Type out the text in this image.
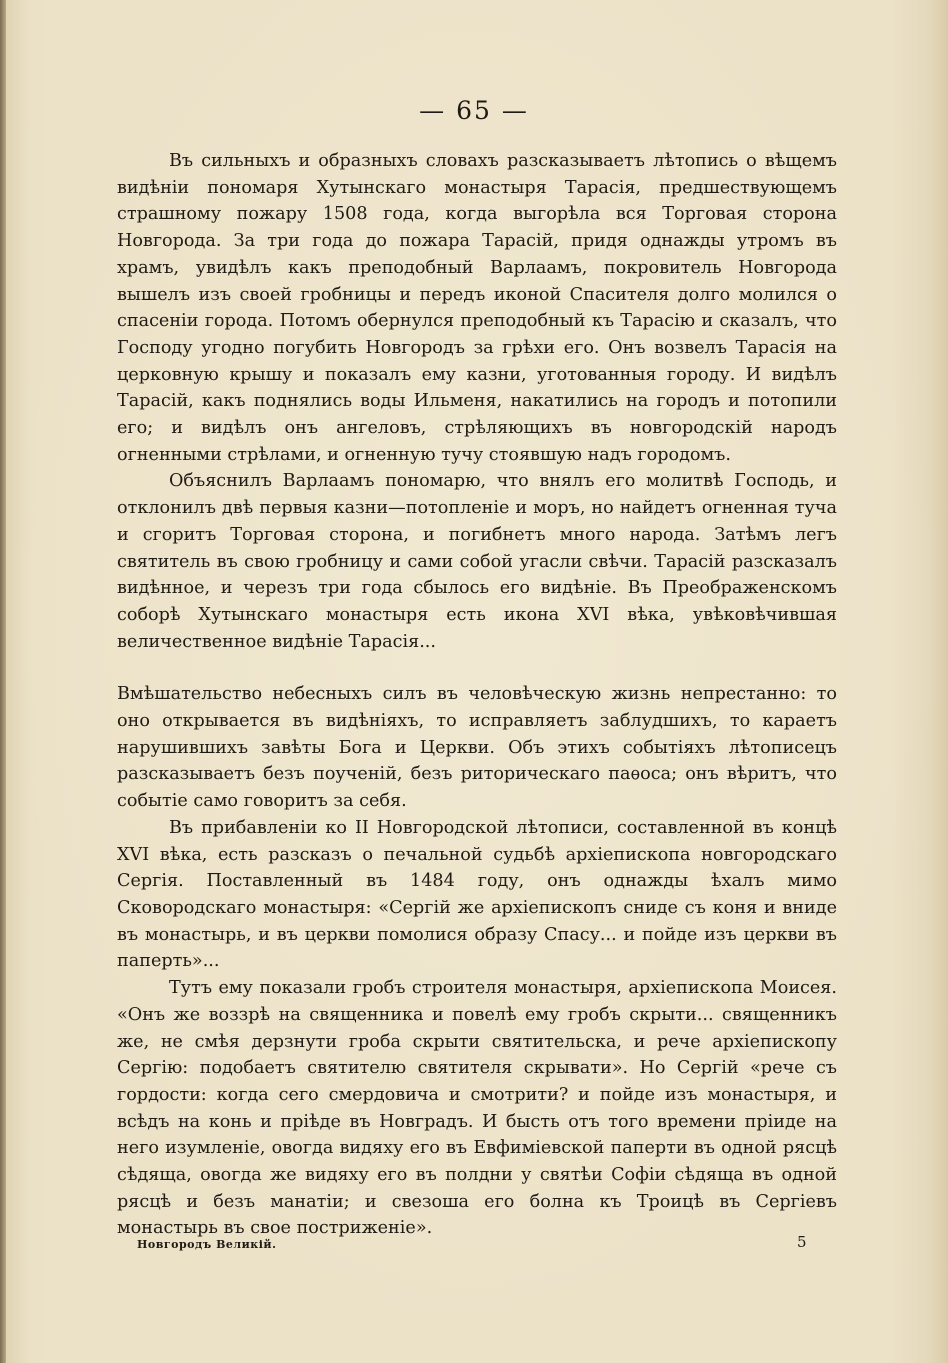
— 65 —

Въ сильныхъ и образныхъ словахъ разсказываетъ лѣтопись о вѣщемъ видѣніи пономаря Хутынскаго монастыря Тарасія, предшествующемъ страшному пожару 1508 года, когда выгорѣла вся Торговая сторона Новгорода. За три года до пожара Тарасій, придя однажды утромъ въ храмъ, увидѣлъ какъ преподобный Варлаамъ, покровитель Новгорода вышелъ изъ своей гробницы и передъ иконой Спасителя долго молился о спасеніи города. Потомъ обернулся преподобный къ Тарасію и сказалъ, что Господу угодно погубить Новгородъ за грѣхи его. Онъ возвелъ Тарасія на церковную крышу и показалъ ему казни, уготованныя городу. И видѣлъ Тарасій, какъ поднялись воды Ильменя, накатились на городъ и потопили его; и видѣлъ онъ ангеловъ, стрѣляющихъ въ новгородскій народъ огненными стрѣлами, и огненную тучу стоявшую надъ городомъ.

Объяснилъ Варлаамъ пономарю, что внялъ его молитвѣ Господь, и отклонилъ двѣ первыя казни—потопленіе и моръ, но найдетъ огненная туча и сгоритъ Торговая сторона, и погибнетъ много народа. Затѣмъ легъ святитель въ свою гробницу и сами собой угасли свѣчи. Тарасій разсказалъ видѣнное, и черезъ три года сбылось его видѣніе. Въ Преображенскомъ соборѣ Хутынскаго монастыря есть икона XVI вѣка, увѣковѣчившая величественное видѣніе Тарасія...

Вмѣшательство небесныхъ силъ въ человѣческую жизнь непрестанно: то оно открывается въ видѣніяхъ, то исправляетъ заблудшихъ, то караетъ нарушившихъ завѣты Бога и Церкви. Объ этихъ событіяхъ лѣтописецъ разсказываетъ безъ поученій, безъ риторическаго паѳоса; онъ вѣритъ, что событіе само говоритъ за себя.

Въ прибавленіи ко II Новгородской лѣтописи, составленной въ концѣ XVI вѣка, есть разсказъ о печальной судьбѣ архіепископа новгородскаго Сергія. Поставленный въ 1484 году, онъ однажды ѣхалъ мимо Сковородскаго монастыря: «Сергій же архіепископъ сниде съ коня и вниде въ монастырь, и въ церкви помолися образу Спасу... и пойде изъ церкви въ паперть»...

Тутъ ему показали гробъ строителя монастыря, архіепископа Моисея. «Онъ же воззрѣ на священника и повелѣ ему гробъ скрыти... священникъ же, не смѣя дерзнути гроба скрыти святительска, и рече архіепископу Сергію: подобаетъ святителю святителя скрывати». Но Сергій «рече съ гордости: когда сего смердовича и смотрити? и пойде изъ монастыря, и всѣдъ на конь и пріѣде въ Новградъ. И бысть отъ того времени пріиде на него изумленіе, овогда видяху его въ Евфиміевской паперти въ одной рясцѣ сѣдяща, овогда же видяху его въ полдни у святѣи Софіи сѣдяща въ одной рясцѣ и безъ манатіи; и свезоша его болна къ Троицѣ въ Сергіевъ монастырь въ свое постриженіе».

Новгородъ Великій.	5
